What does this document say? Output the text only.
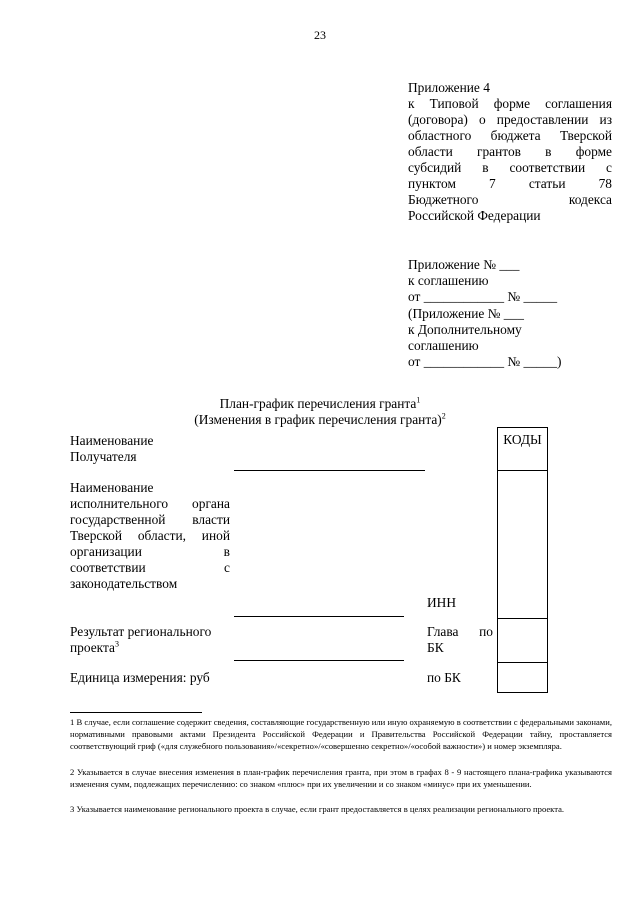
23
Приложение 4
к Типовой форме соглашения
(договора) о предоставлении из
областного бюджета Тверской
области грантов в форме
субсидий в соответствии с
пунктом 7 статьи 78
Бюджетного кодекса
Российской Федерации
Приложение № ___
к соглашению
от ____________ № _____
(Приложение № ___
к Дополнительному
соглашению
от ____________ № _____)
План-график перечисления гранта$^1$
(Изменения в график перечисления гранта)$^2$
Наименование
Получателя
Наименование
исполнительного органа
государственной власти
Тверской области, иной
организации в
соответствии с
законодательством
ИНН
Результат регионального
проекта$^3$
Глава по
БК
Единица измерения: руб	по БК
КОДЫ
1 В случае, если соглашение содержит сведения, составляющие государственную или иную охраняемую в соответствии с федеральными законами, нормативными правовыми актами Президента Российской Федерации и Правительства Российской Федерации тайну, проставляется соответствующий гриф («для служебного пользования»/«секретно»/«совершенно секретно»/«особой важности») и номер экземпляра.
2 Указывается в случае внесения изменения в план-график перечисления гранта, при этом в графах 8 - 9 настоящего плана-графика указываются изменения сумм, подлежащих перечислению: со знаком «плюс» при их увеличении и со знаком «минус» при их уменьшении.
3 Указывается наименование регионального проекта в случае, если грант предоставляется в целях реализации регионального проекта.
